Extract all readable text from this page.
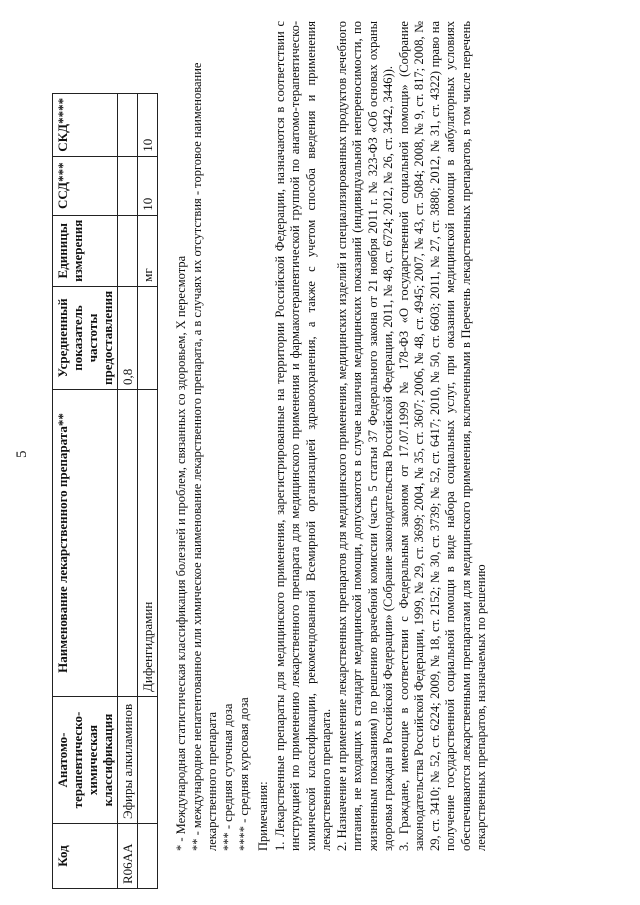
5
Код	Анатомо-терапевтическо-химическая классификация	Наименование лекарственного препарата**	Усредненный показатель частоты предоставления	Единицы измерения	ССД***	СКД****
R06AA	Эфиры алкиламинов		0,8			
		Дифенгидрамин		мг	10	10

* - Международная статистическая классификация болезней и проблем, связанных со здоровьем, X пересмотра ** - международное непатентованное или химическое наименование лекарственного препарата, а в случаях их отсутствия - торговое наименование лекарственного препарата *** - средняя суточная доза **** - средняя курсовая доза Примечания: 1. Лекарственные препараты для медицинского применения, зарегистрированные на территории Российской Федерации, назначаются в соответствии с инструкцией по применению лекарственного препарата для медицинского применения и фармакотерапевтической группой по анатомо-терапевтическо-химической классификации, рекомендованной Всемирной организацией здравоохранения, а также с учетом способа введения и применения лекарственного препарата. 2. Назначение и применение лекарственных препаратов для медицинского применения, медицинских изделий и специализированных продуктов лечебного питания, не входящих в стандарт медицинской помощи, допускаются в случае наличия медицинских показаний (индивидуальной непереносимости, по жизненным показаниям) по решению врачебной комиссии (часть 5 статьи 37 Федерального закона от 21 ноября 2011 г. № 323-ФЗ «Об основах охраны здоровья граждан в Российской Федерации» (Собрание законодательства Российской Федерации, 2011, № 48, ст. 6724; 2012, № 26, ст. 3442, 3446)). 3. Граждане, имеющие в соответствии с Федеральным законом от 17.07.1999 № 178-ФЗ «О государственной социальной помощи» (Собрание законодательства Российской Федерации, 1999, № 29, ст. 3699; 2004, № 35, ст. 3607; 2006, № 48, ст. 4945; 2007, № 43, ст. 5084; 2008, № 9, ст. 817; 2008, № 29, ст. 3410; № 52, ст. 6224; 2009, № 18, ст. 2152; № 30, ст. 3739; № 52, ст. 6417; 2010, № 50, ст. 6603; 2011, № 27, ст. 3880; 2012, № 31, ст. 4322) право на получение государственной социальной помощи в виде набора социальных услуг, при оказании медицинской помощи в амбулаторных условиях обеспечиваются лекарственными препаратами для медицинского применения, включенными в Перечень лекарственных препаратов, в том числе перечень лекарственных препаратов, назначаемых по решению
